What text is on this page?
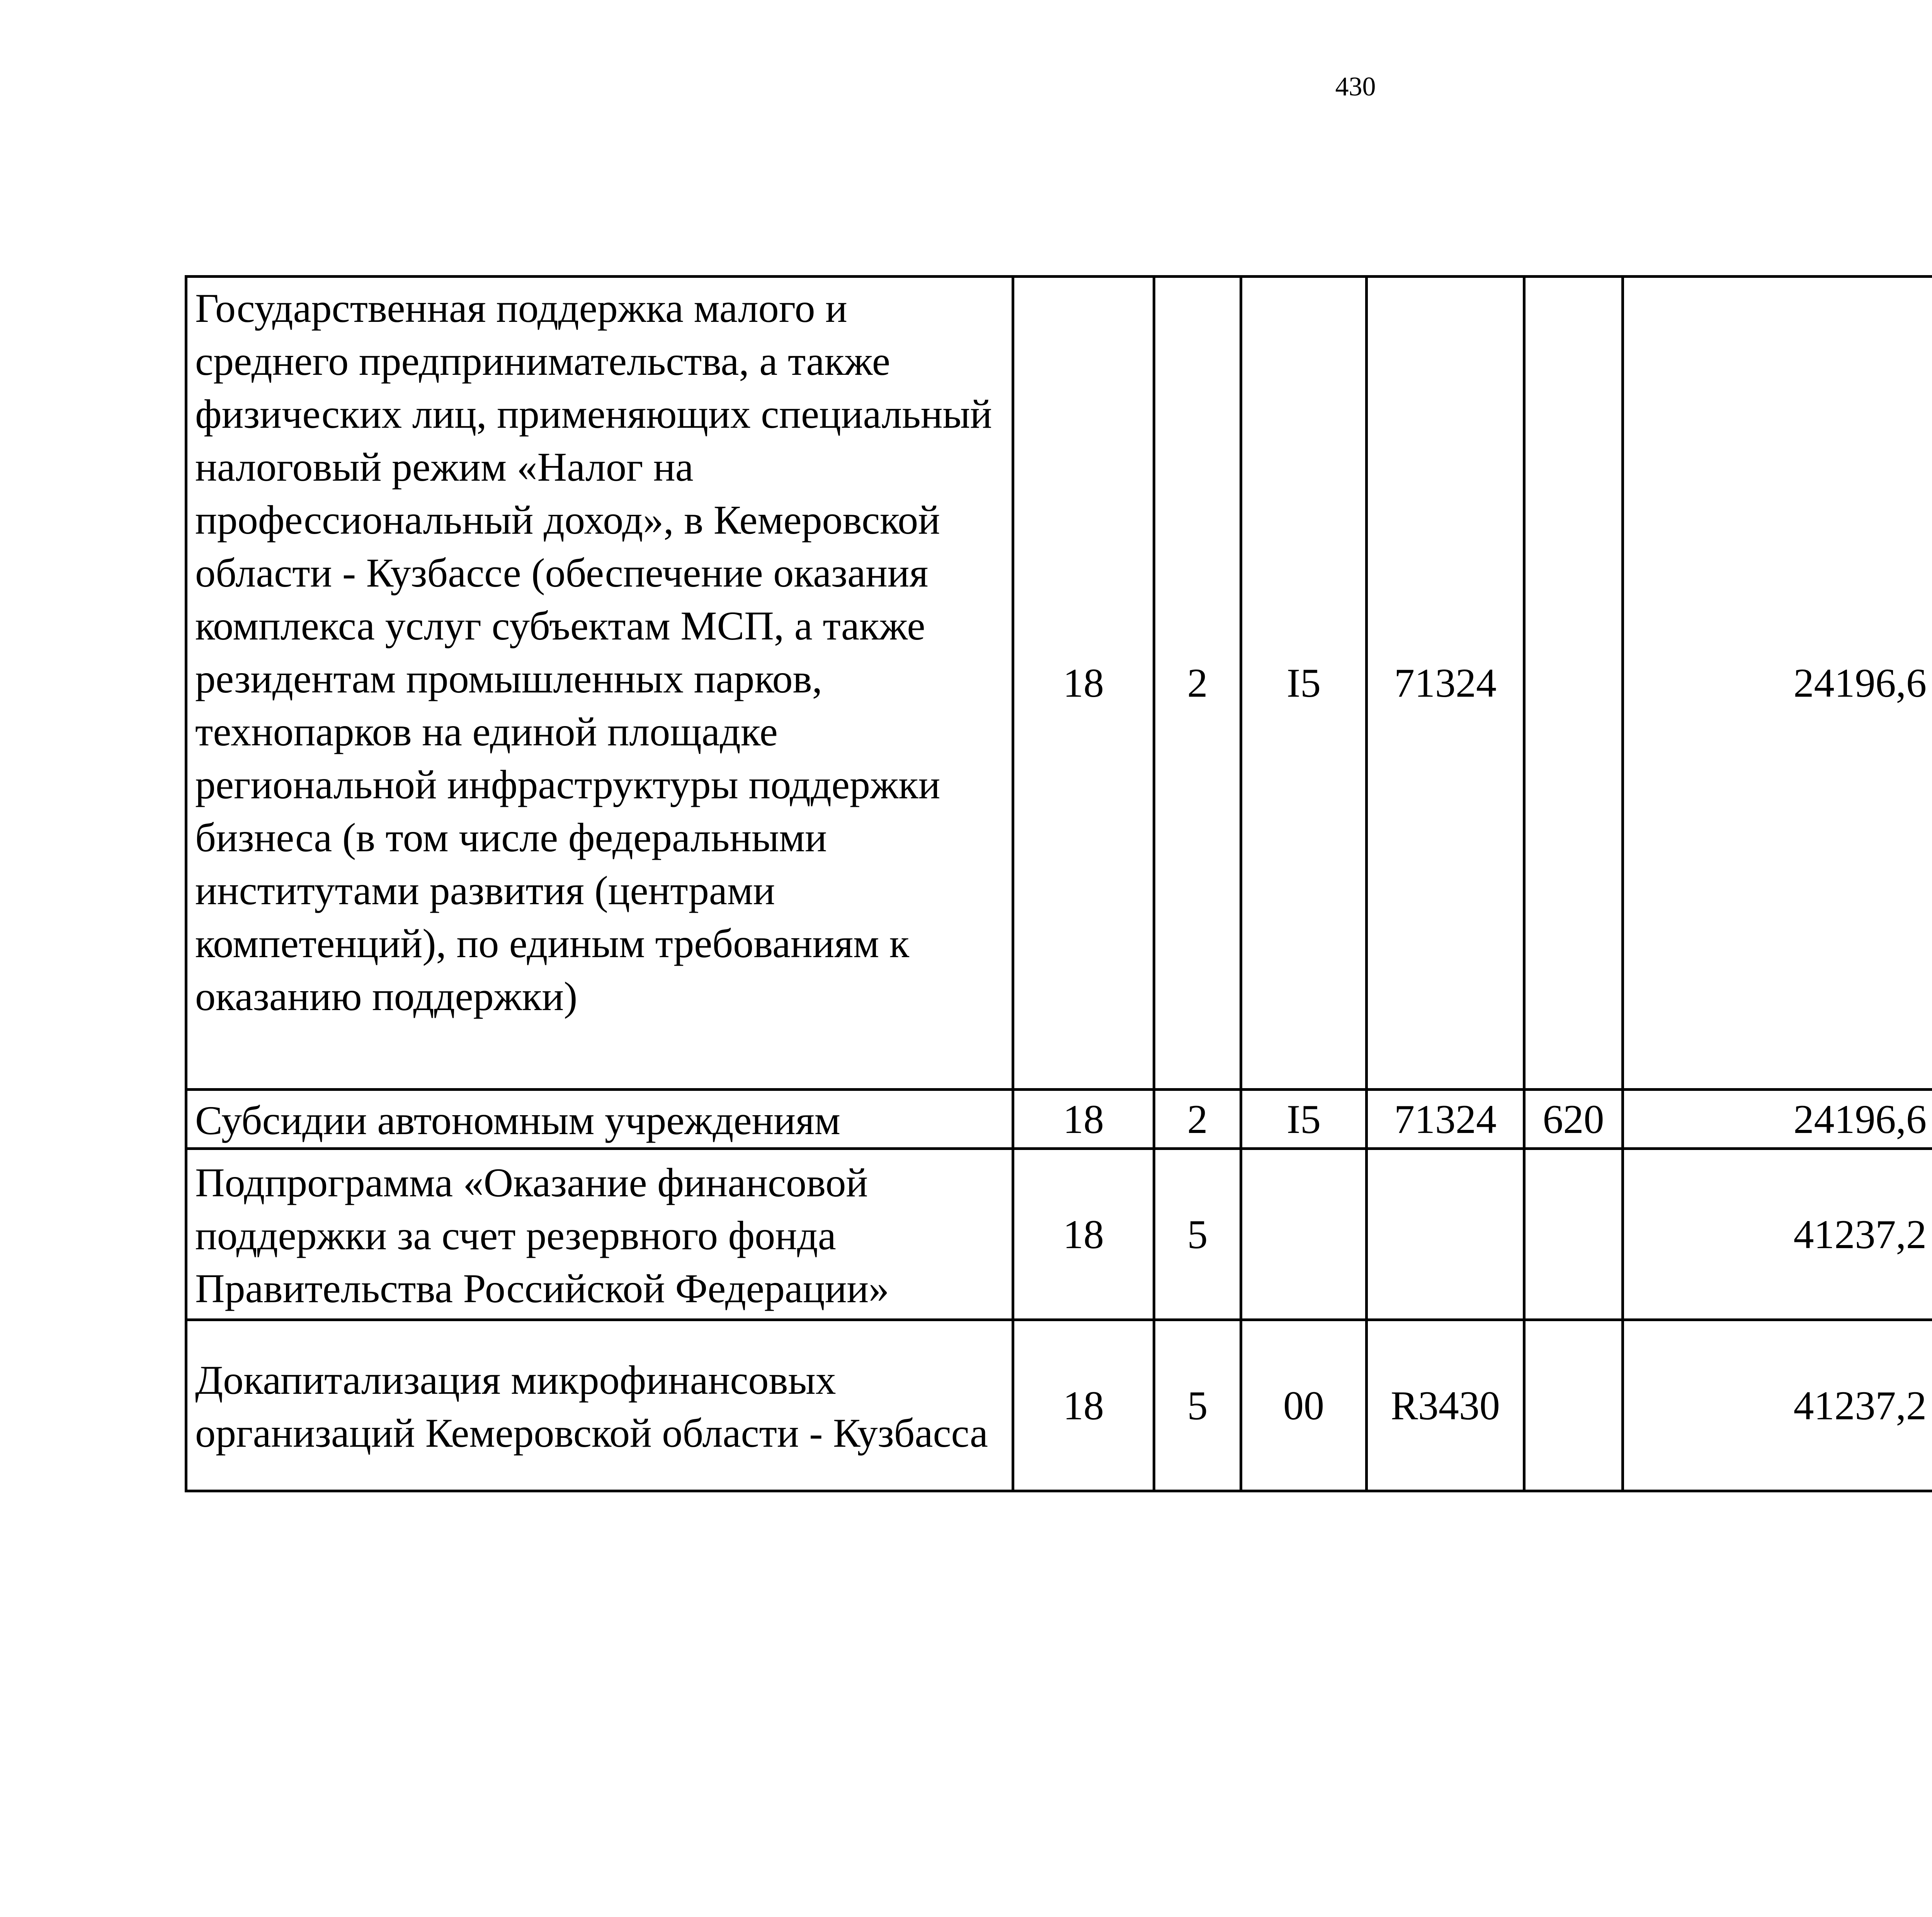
430
Государственная поддержка малого и среднего предпринимательства, а также физических лиц, применяющих специальный налоговый режим «Налог на профессиональный доход», в Кемеровской области - Кузбассе (обеспечение оказания комплекса услуг субъектам МСП, а также резидентам промышленных парков, технопарков на единой площадке региональной инфраструктуры поддержки бизнеса (в том числе федеральными институтами развития (центрами компетенций), по единым требованиям к оказанию поддержки)	18	2	I5	71324		24196,6		
Субсидии автономным учреждениям	18	2	I5	71324	620	24196,6		
Подпрограмма «Оказание финансовой поддержки за счет резервного фонда Правительства Российской Федерации»	18	5				41237,2		
Докапитализация микрофинансовых организаций Кемеровской области - Кузбасса	18	5	00	R3430		41237,2		
